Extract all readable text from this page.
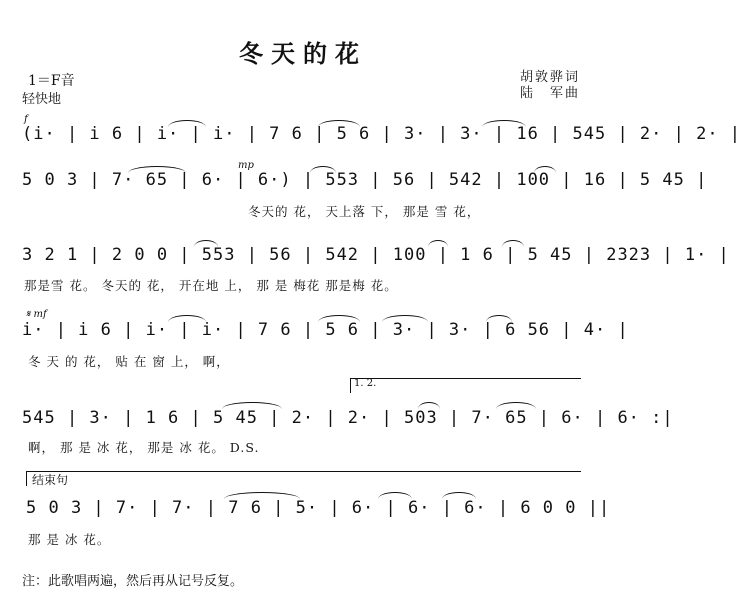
冬天的花
1＝F音
轻快地
胡敦骅词
陆　军曲
f
(i· | i 6 | i· | i· | 7 6 | 5 6 | 3· | 3· | 16 | 545 | 2· | 2· |
mp
5 0 3 | 7· 65 | 6· | 6·) | 553 | 56 | 542 | 100 | 16 | 5 45 |
冬天的 花， 天上落 下， 那是 雪 花，
3 2 1 | 2 0 0 | 553 | 56 | 542 | 100 | 1 6 | 5 45 | 2323 | 1· |
那是雪 花。 冬天的 花， 开在地 上， 那 是 梅花 那是梅 花。
𝄋 mf
i· | i 6 | i· | i· | 7 6 | 5 6 | 3· | 3· | 6 56 | 4· |
冬 天 的 花， 贴 在 窗 上， 啊，
1. 2.
545 | 3· | 1 6 | 5 45 | 2· | 2· | 503 | 7· 65 | 6· | 6· :|
啊， 那 是 冰 花， 那是 冰 花。 D.S.
结束句
5 0 3 | 7· | 7· | 7 6 | 5· | 6· | 6· | 6· | 6 0 0 ||
那 是 冰 花。
注：此歌唱两遍，然后再从记号反复。
